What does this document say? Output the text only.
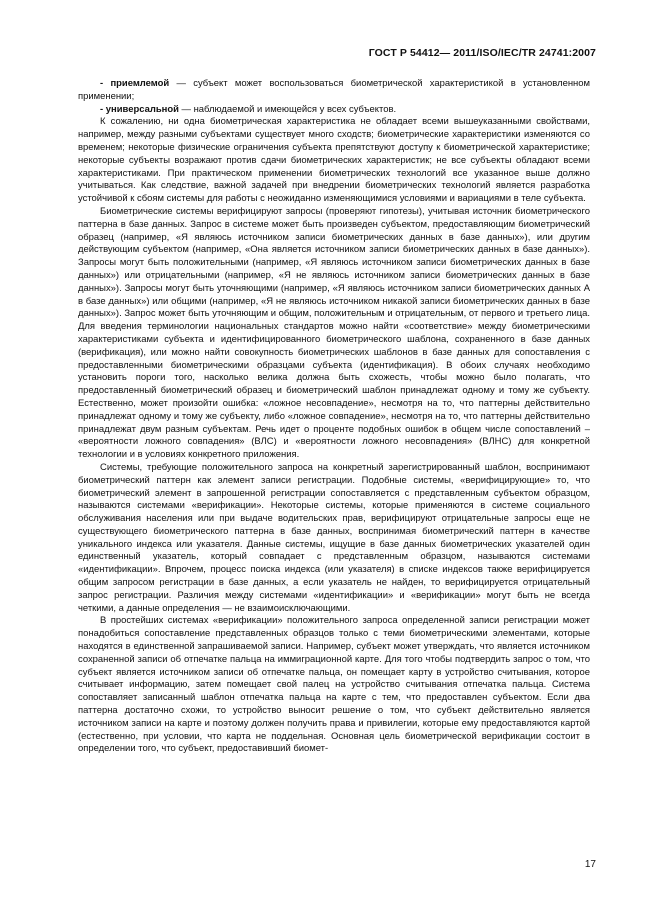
ГОСТ Р 54412— 2011/ISO/IEC/TR 24741:2007

- приемлемой — субъект может воспользоваться биометрической характеристикой в установленном применении;

- универсальной — наблюдаемой и имеющейся у всех субъектов.

К сожалению, ни одна биометрическая характеристика не обладает всеми вышеуказанными свойствами, например, между разными субъектами существует много сходств; биометрические характеристики изменяются со временем; некоторые физические ограничения субъекта препятствуют доступу к биометрической характеристике; некоторые субъекты возражают против сдачи биометрических характеристик; не все субъекты обладают всеми характеристиками. При практическом применении биометрических технологий все указанное выше должно учитываться. Как следствие, важной задачей при внедрении биометрических технологий является разработка устойчивой к сбоям системы для работы с неожиданно изменяющимися условиями и вариациями в теле субъекта.

Биометрические системы верифицируют запросы (проверяют гипотезы), учитывая источник биометрического паттерна в базе данных. Запрос в системе может быть произведен субъектом, предоставляющим биометрический образец (например, «Я являюсь источником записи биометрических данных в базе данных»), или другим действующим субъектом (например, «Она является источником записи биометрических данных в базе данных»). Запросы могут быть положительными (например, «Я являюсь источником записи биометрических данных в базе данных») или отрицательными (например, «Я не являюсь источником записи биометрических данных в базе данных»). Запросы могут быть уточняющими (например, «Я являюсь источником записи биометрических данных А в базе данных») или общими (например, «Я не являюсь источником никакой записи биометрических данных в базе данных»). Запрос может быть уточняющим и общим, положительным и отрицательным, от первого и третьего лица. Для введения терминологии национальных стандартов можно найти «соответствие» между биометрическими характеристиками субъекта и идентифицированного биометрического шаблона, сохраненного в базе данных (верификация), или можно найти совокупность биометрических шаблонов в базе данных для сопоставления с предоставленными биометрическими образцами субъекта (идентификация). В обоих случаях необходимо установить пороги того, насколько велика должна быть схожесть, чтобы можно было полагать, что предоставленный биометрический образец и биометрический шаблон принадлежат одному и тому же субъекту. Естественно, может произойти ошибка: «ложное несовпадение», несмотря на то, что паттерны действительно принадлежат одному и тому же субъекту, либо «ложное совпадение», несмотря на то, что паттерны действительно принадлежат двум разным субъектам. Речь идет о проценте подобных ошибок в общем числе сопоставлений – «вероятности ложного совпадения» (ВЛС) и «вероятности ложного несовпадения» (ВЛНС) для конкретной технологии и в условиях конкретного приложения.

Системы, требующие положительного запроса на конкретный зарегистрированный шаблон, воспринимают биометрический паттерн как элемент записи регистрации. Подобные системы, «верифицирующие» то, что биометрический элемент в запрошенной регистрации сопоставляется с представленным субъектом образцом, называются системами «верификации». Некоторые системы, которые применяются в системе социального обслуживания населения или при выдаче водительских прав, верифицируют отрицательные запросы еще не существующего биометрического паттерна в базе данных, воспринимая биометрический паттерн в качестве уникального индекса или указателя. Данные системы, ищущие в базе данных биометрических указателей один единственный указатель, который совпадает с представленным образцом, называются системами «идентификации». Впрочем, процесс поиска индекса (или указателя) в списке индексов также верифицируется общим запросом регистрации в базе данных, а если указатель не найден, то верифицируется отрицательный запрос регистрации. Различия между системами «идентификации» и «верификации» могут быть не всегда четкими, а данные определения — не взаимоисключающими.

В простейших системах «верификации» положительного запроса определенной записи регистрации может понадобиться сопоставление представленных образцов только с теми биометрическими элементами, которые находятся в единственной запрашиваемой записи. Например, субъект может утверждать, что является источником сохраненной записи об отпечатке пальца на иммиграционной карте. Для того чтобы подтвердить запрос о том, что субъект является источником записи об отпечатке пальца, он помещает карту в устройство считывания, которое считывает информацию, затем помещает свой палец на устройство считывания отпечатка пальца. Система сопоставляет записанный шаблон отпечатка пальца на карте с тем, что предоставлен субъектом. Если два паттерна достаточно схожи, то устройство выносит решение о том, что субъект действительно является источником записи на карте и поэтому должен получить права и привилегии, которые ему предоставляются картой (естественно, при условии, что карта не поддельная. Основная цель биометрической верификации состоит в определении того, что субъект, предоставивший биомет-

17
